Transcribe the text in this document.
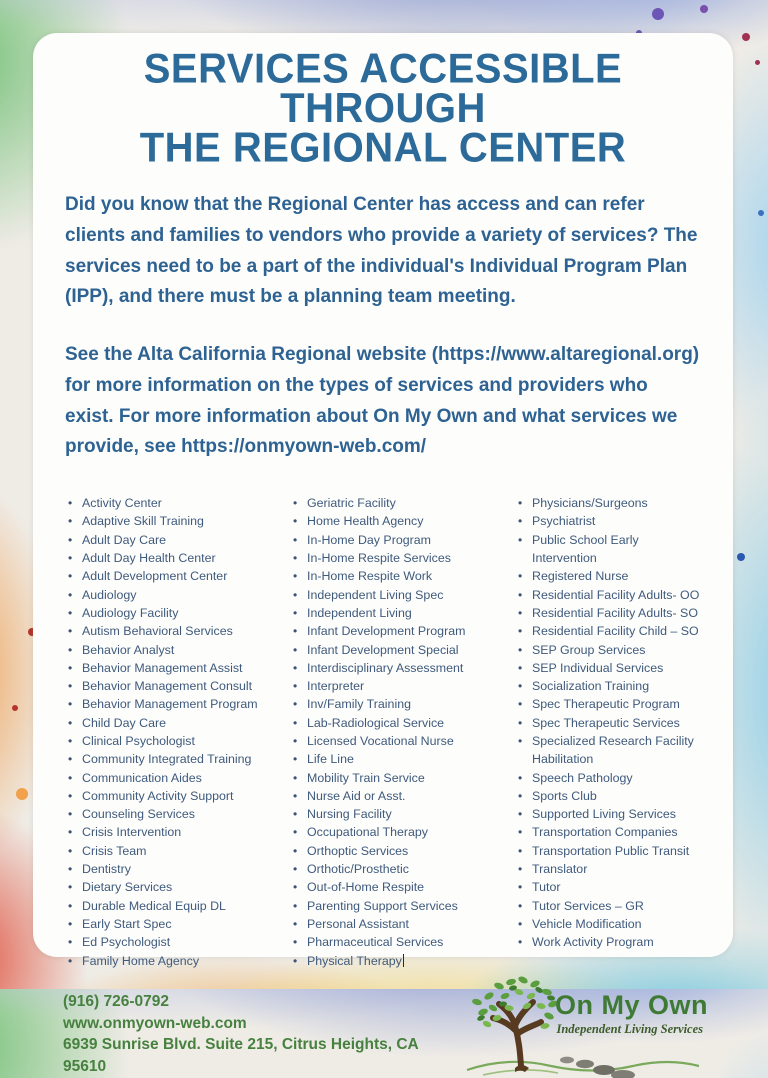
SERVICES ACCESSIBLE THROUGH
THE REGIONAL CENTER

Did you know that the Regional Center has access and can refer clients and families to vendors who provide a variety of services? The services need to be a part of the individual's Individual Program Plan (IPP), and there must be a planning team meeting.

See the Alta California Regional website (https://www.altaregional.org) for more information on the types of services and providers who exist. For more information about On My Own and what services we provide, see https://onmyown-web.com/

• Activity Center
• Adaptive Skill Training
• Adult Day Care
• Adult Day Health Center
• Adult Development Center
• Audiology
• Audiology Facility
• Autism Behavioral Services
• Behavior Analyst
• Behavior Management Assist
• Behavior Management Consult
• Behavior Management Program
• Child Day Care
• Clinical Psychologist
• Community Integrated Training
• Communication Aides
• Community Activity Support
• Counseling Services
• Crisis Intervention
• Crisis Team
• Dentistry
• Dietary Services
• Durable Medical Equip DL
• Early Start Spec
• Ed Psychologist
• Family Home Agency
• Geriatric Facility
• Home Health Agency
• In-Home Day Program
• In-Home Respite Services
• In-Home Respite Work
• Independent Living Spec
• Independent Living
• Infant Development Program
• Infant Development Special
• Interdisciplinary Assessment
• Interpreter
• Inv/Family Training
• Lab-Radiological Service
• Licensed Vocational Nurse
• Life Line
• Mobility Train Service
• Nurse Aid or Asst.
• Nursing Facility
• Occupational Therapy
• Orthoptic Services
• Orthotic/Prosthetic
• Out-of-Home Respite
• Parenting Support Services
• Personal Assistant
• Pharmaceutical Services
• Physical Therapy
• Physicians/Surgeons
• Psychiatrist
• Public School Early Intervention
• Registered Nurse
• Residential Facility Adults- OO
• Residential Facility Adults- SO
• Residential Facility Child – SO
• SEP Group Services
• SEP Individual Services
• Socialization Training
• Spec Therapeutic Program
• Spec Therapeutic Services
• Specialized Research Facility Habilitation
• Speech Pathology
• Sports Club
• Supported Living Services
• Transportation Companies
• Transportation Public Transit
• Translator
• Tutor
• Tutor Services – GR
• Vehicle Modification
• Work Activity Program
(916) 726-0792
www.onmyown-web.com
6939 Sunrise Blvd. Suite 215, Citrus Heights, CA 95610
On My Own
Independent Living Services
